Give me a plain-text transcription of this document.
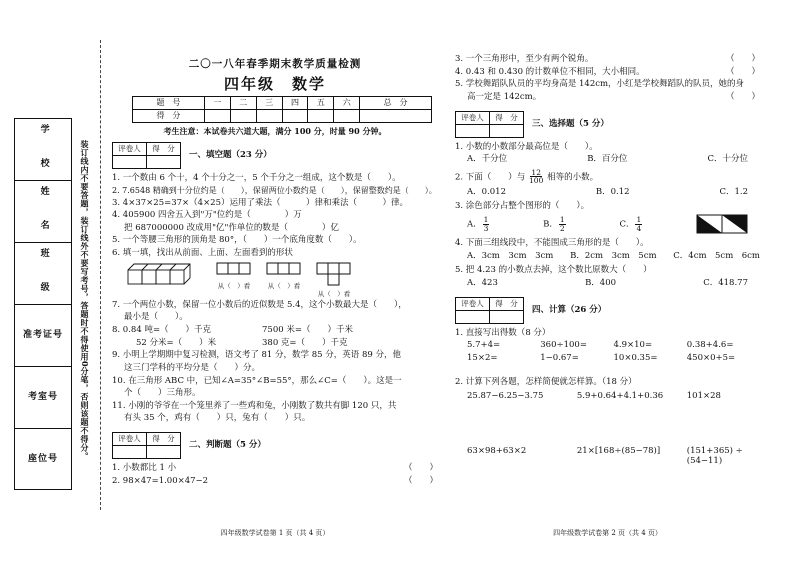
学　校
姓　名
班　级
准考证号
考室号
座位号	装订线内不要答题，装订线外不要写考号，答题时不得使用0分笔，否则该题不得分。
二〇一八年春季期末教学质量检测
四年级　数学
题　号	一	二	三	四	五	六	总　分
得　分							
考生注意：本试卷共六道大题，满分 100 分，时量 90 分钟。
评卷人	得　分

一、填空题（23 分）
1. 一个数由 6 个十，4 个十分之一，5 个千分之一组成，这个数是（　　）。
2. 7.6548 精确到十分位约是（　　），保留两位小数约是（　　），保留整数约是（　　）。
3. 4×37×25=37×（4×25）运用了乘法（　　　）律和乘法（　　　）律。
4. 405900 四舍五入到"万"位约是（　　　　）万
把 687000000 改成用"亿"作单位的数是（　　　　）亿
5. 一个等腰三角形的顶角是 80°，（　　）一个底角度数（　　）。
6. 填一填，找出从前面、上面、左面看到的形状
从（　）看	从（　）看
从（　）看
7. 一个两位小数，保留一位小数后的近似数是 5.4，这个小数最大是（　　），
最小是（　　）。
8. 0.84 吨=（　　）千克	7500 米=（　　）千米
52 分米=（　　）米	380 克=（　　）千克
9. 小明上学期期中复习检测，语文考了 81 分，数学 85 分，英语 89 分，他
这三门学科的平均分是（　　）分。
10. 在三角形 ABC 中，已知∠A=35°∠B=55°，那么∠C=（　　）。这是一
个（　　）三角形。
11. 小刚的爷爷在一个笼里养了一些鸡和兔，小刚数了数共有脚 120 只，共
有头 35 个，鸡有（　　）只，兔有（　　）只。
评卷人	得　分

二、判断题（5 分）
1. 小数都比 1 小	（　　）
2. 98×47=1.00×47−2	（　　）
四年级数学试卷第 1 页（共 4 页）
3. 一个三角形中，至少有两个锐角。	（　　）
4. 0.43 和 0.430 的计数单位不相同，大小相同。	（　　）
5. 学校舞蹈队队员的平均身高是 142cm，小红是学校舞蹈队的队员，她的身
高一定是 142cm。	（　　）
评卷人	得　分

三、选择题（5 分）
1. 小数的小数部分最高位是（　　）。
A．千分位	B．百分位	C．十分位
2. 下面（　　）与 $\frac{12}{100}$ 相等的小数。
A．0.012	B．0.12	C．1.2
3. 涂色部分占整个图形的（　　）。
A． $\frac{1}{3}$	B． $\frac{1}{2}$	C． $\frac{1}{4}$
4. 下面三组线段中，不能围成三角形的是（　　）。
A．3cm　3cm　3cm B．2cm　3cm　5cm C．4cm　5cm　6cm
5. 把 4.23 的小数点去掉，这个数比原数大（　　）
A．423	B．400	C．418.77
评卷人	得　分

四、计算（26 分）
1. 直接写出得数（8 分）
5.7+4=	360÷100=	4.9×10=	0.38+4.6=
15×2=	1−0.67=	10×0.35=	450×0+5=
2. 计算下列各题，怎样简便就怎样算。（18 分）
25.87−6.25−3.75	5.9+0.64+4.1+0.36	101×28
63×98+63×2	21×[168÷(85−78)]	(151+365) ÷ (54−11)
四年级数学试卷第 2 页（共 4 页）
